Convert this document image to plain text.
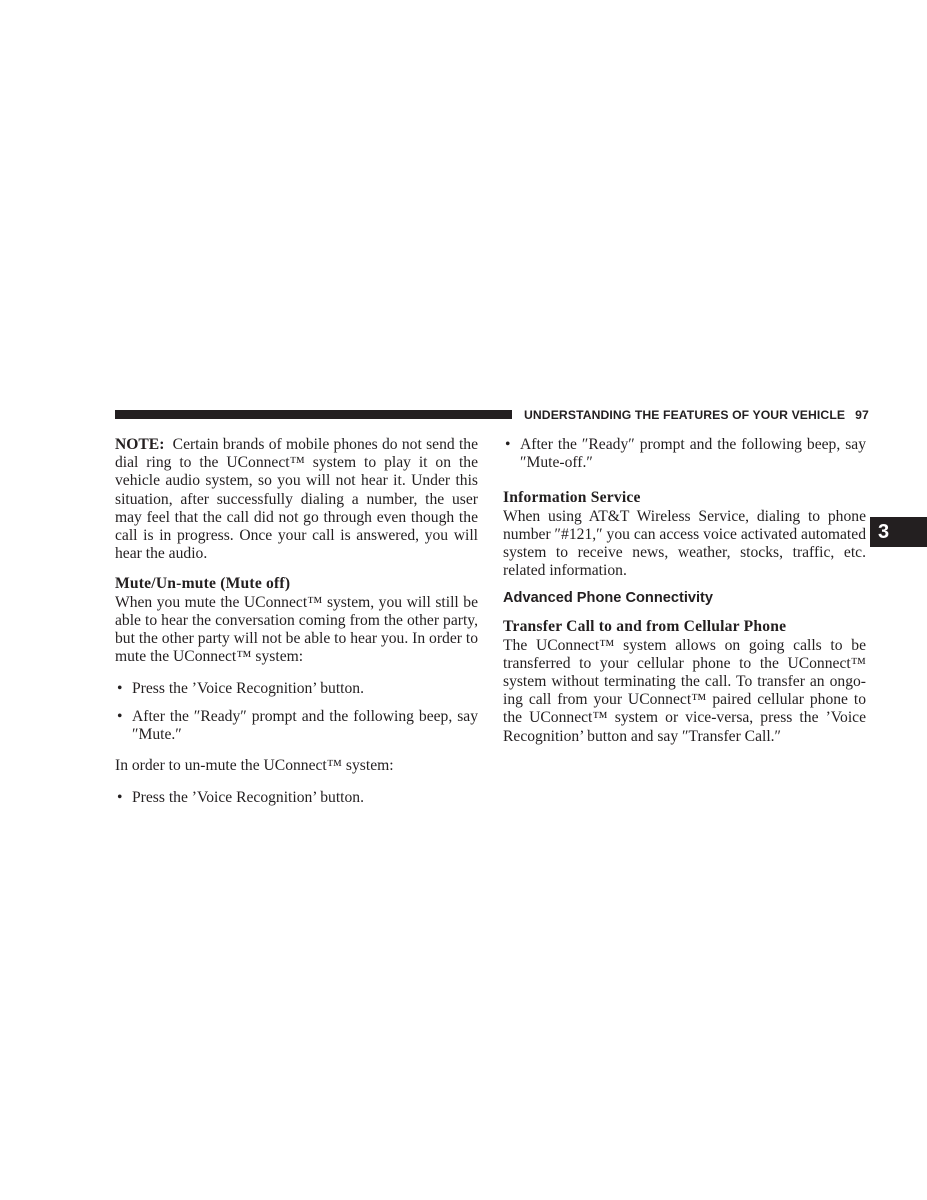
UNDERSTANDING THE FEATURES OF YOUR VEHICLE 97
3

NOTE: Certain brands of mobile phones do not send the dial ring to the UConnect™ system to play it on the vehicle audio system, so you will not hear it. Under this situation, after successfully dialing a number, the user may feel that the call did not go through even though the call is in progress. Once your call is answered, you will hear the audio.

Mute/Un-mute (Mute off)

When you mute the UConnect™ system, you will still be able to hear the conversation coming from the other party, but the other party will not be able to hear you. In order to mute the UConnect™ system:

• Press the ’Voice Recognition’ button.
• After the ″Ready″ prompt and the following beep, say ″Mute.″

In order to un-mute the UConnect™ system:

• Press the ’Voice Recognition’ button.
• After the ″Ready″ prompt and the following beep, say ″Mute-off.″

Information Service

When using AT&T Wireless Service, dialing to phone number ″#121,″ you can access voice activated automated system to receive news, weather, stocks, traffic, etc. related information.

Advanced Phone Connectivity

Transfer Call to and from Cellular Phone

The UConnect™ system allows on going calls to be transferred to your cellular phone to the UConnect™ system without terminating the call. To transfer an ongo-ing call from your UConnect™ paired cellular phone to the UConnect™ system or vice-versa, press the ’Voice Recognition’ button and say ″Transfer Call.″
